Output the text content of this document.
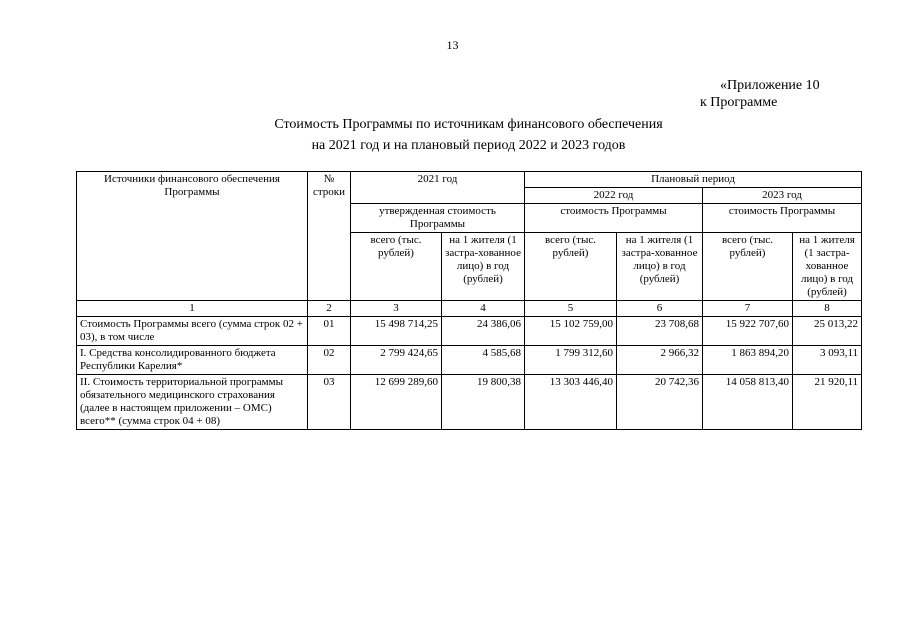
13
«Приложение 10
к Программе
Стоимость Программы по источникам финансового обеспечения
на 2021 год и на плановый период 2022 и 2023 годов
Источники финансового обеспечения Программы	№ строки	2021 год		Плановый период			
				2022 год		2023 год	
		утвержденная стоимость Программы		стоимость Программы		стоимость Программы	
		всего (тыс. рублей)	на 1 жителя (1 застра-хованное лицо) в год (рублей)	всего (тыс. рублей)	на 1 жителя (1 застра-хованное лицо) в год (рублей)	всего (тыс. рублей)	на 1 жителя (1 застра-хованное лицо) в год (рублей)
1	2	3	4	5	6	7	8
Стоимость Программы всего (сумма строк 02 + 03), в том числе	01	15 498 714,25	24 386,06	15 102 759,00	23 708,68	15 922 707,60	25 013,22
I. Средства консолидированного бюджета Республики Карелия*	02	2 799 424,65	4 585,68	1 799 312,60	2 966,32	1 863 894,20	3 093,11
II. Стоимость территориальной программы обязательного медицинского страхования (далее в настоящем приложении – ОМС) всего** (сумма строк 04 + 08)	03	12 699 289,60	19 800,38	13 303 446,40	20 742,36	14 058 813,40	21 920,11
